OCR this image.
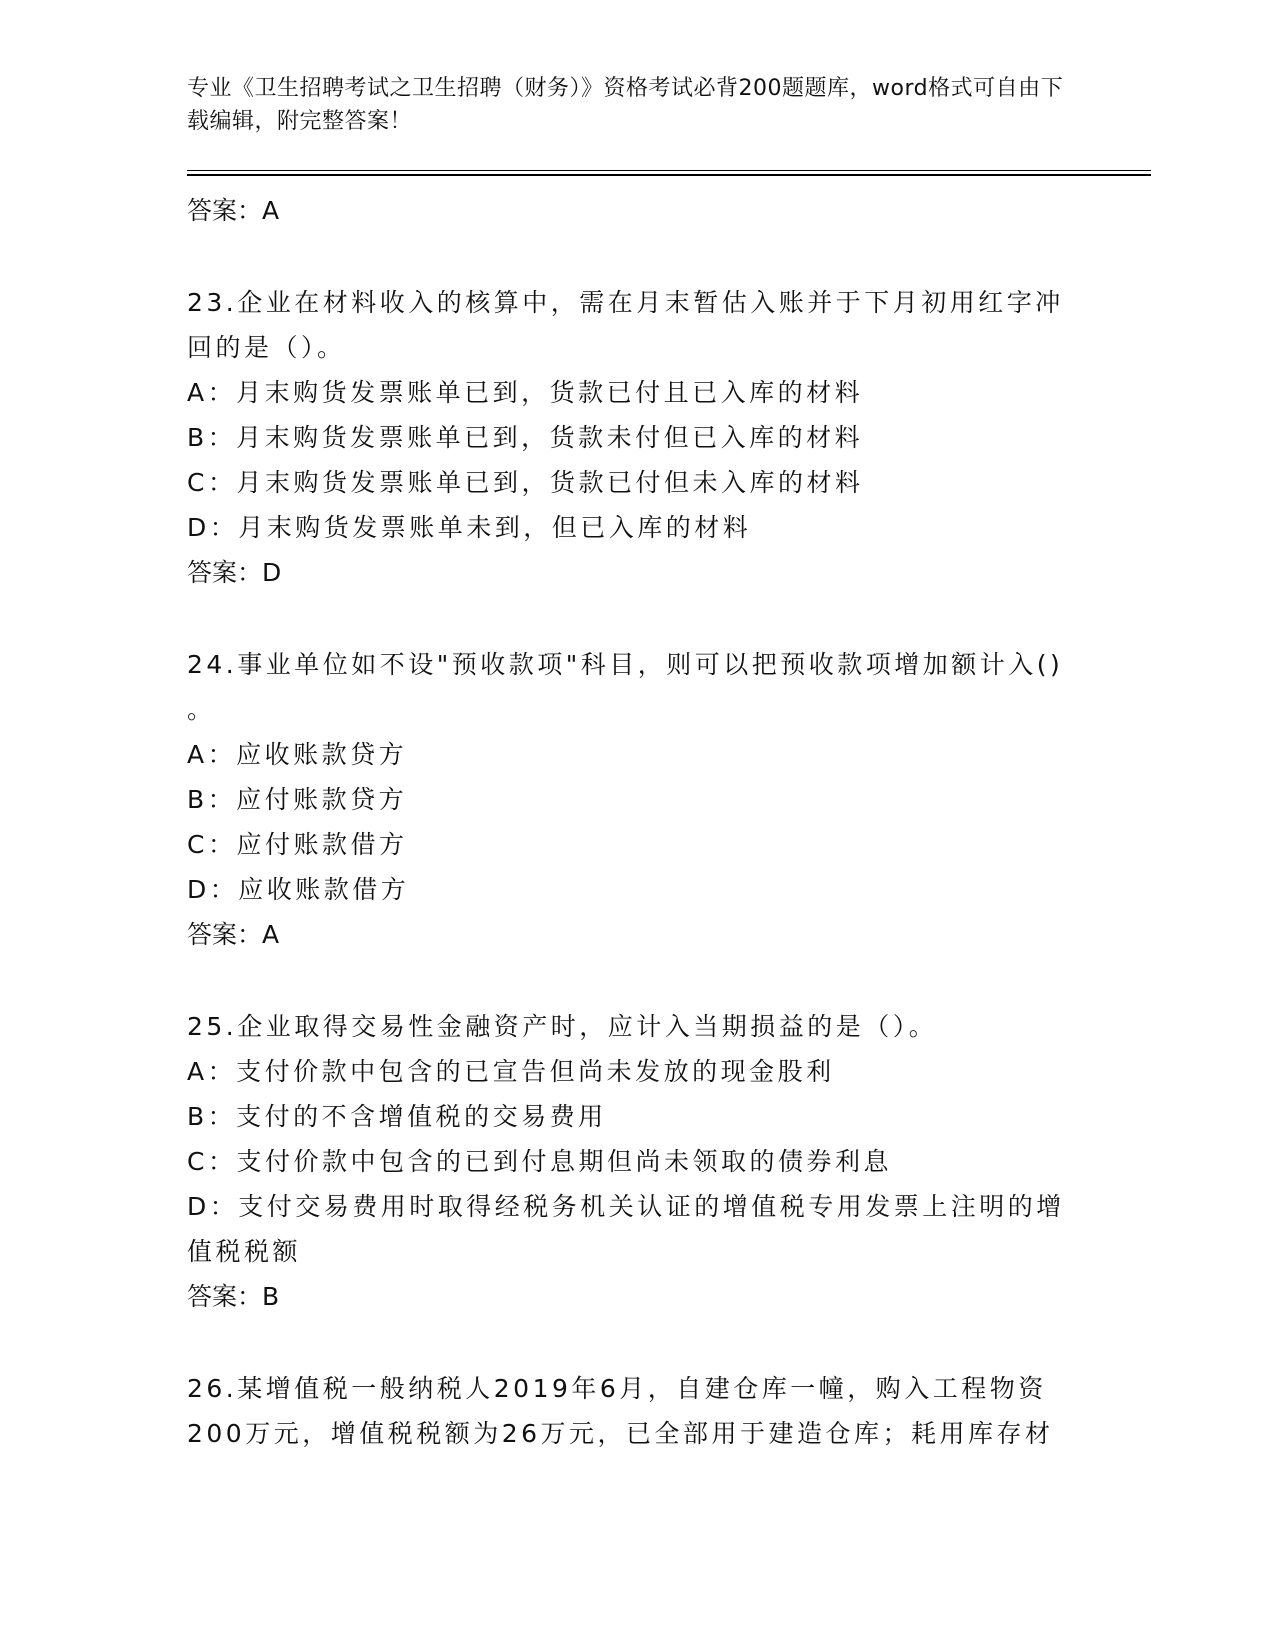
专业《卫生招聘考试之卫生招聘（财务）》资格考试必背200题题库，word格式可自由下载编辑，附完整答案！

答案：A

23.企业在材料收入的核算中，需在月末暂估入账并于下月初用红字冲回的是（）。

A：月末购货发票账单已到，货款已付且已入库的材料

B：月末购货发票账单已到，货款未付但已入库的材料

C：月末购货发票账单已到，货款已付但未入库的材料

D：月末购货发票账单未到，但已入库的材料

答案：D

24.事业单位如不设"预收款项"科目，则可以把预收款项增加额计入()

。

A：应收账款贷方

B：应付账款贷方

C：应付账款借方

D：应收账款借方

答案：A

25.企业取得交易性金融资产时，应计入当期损益的是（）。

A：支付价款中包含的已宣告但尚未发放的现金股利

B：支付的不含增值税的交易费用

C：支付价款中包含的已到付息期但尚未领取的债券利息

D：支付交易费用时取得经税务机关认证的增值税专用发票上注明的增值税税额

答案：B

26.某增值税一般纳税人2019年6月，自建仓库一幢，购入工程物资200万元，增值税税额为26万元，已全部用于建造仓库；耗用库存材
